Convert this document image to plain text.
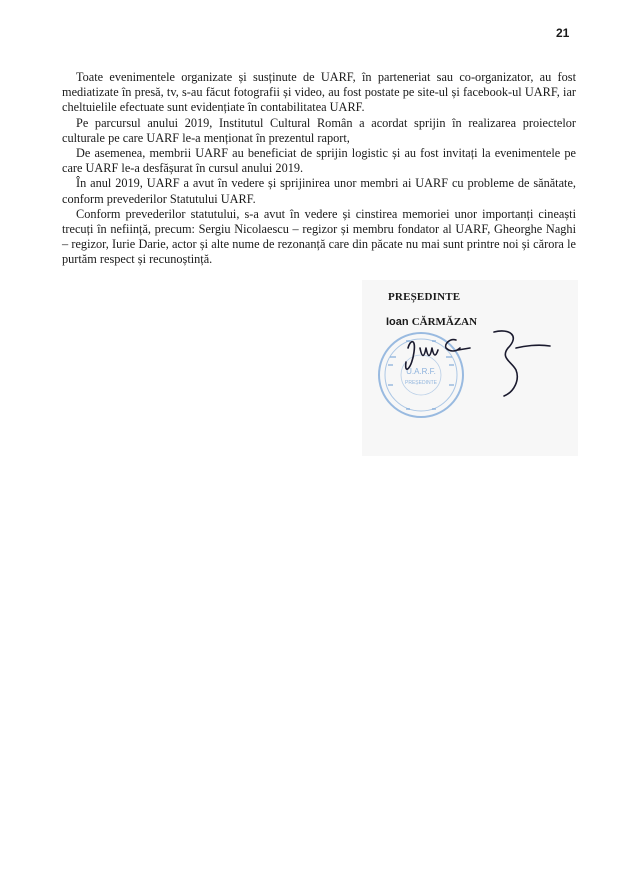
21

Toate evenimentele organizate și susținute de UARF, în parteneriat sau co-organizator, au fost mediatizate în presă, tv, s-au făcut fotografii și video, au fost postate pe site-ul și facebook-ul UARF, iar cheltuielile efectuate sunt evidențiate în contabilitatea UARF.

Pe parcursul anului 2019, Institutul Cultural Român a acordat sprijin în realizarea proiectelor culturale pe care UARF le-a menționat în prezentul raport,

De asemenea, membrii UARF au beneficiat de sprijin logistic și au fost invitați la evenimentele pe care UARF le-a desfășurat în cursul anului 2019.

În anul 2019, UARF a avut în vedere și sprijinirea unor membri ai UARF cu probleme de sănătate, conform prevederilor Statutului UARF.

Conform prevederilor statutului, s-a avut în vedere și cinstirea memoriei unor importanți cineaști trecuți în neființă, precum: Sergiu Nicolaescu – regizor și membru fondator al UARF, Gheorghe Naghi – regizor, Iurie Darie, actor și alte nume de rezonanță care din păcate nu mai sunt printre noi și cărora le purtăm respect și recunoștință.

PREȘEDINTE
Ioan CĂRMĂZAN
U.A.R.F.
PREȘEDINTE
